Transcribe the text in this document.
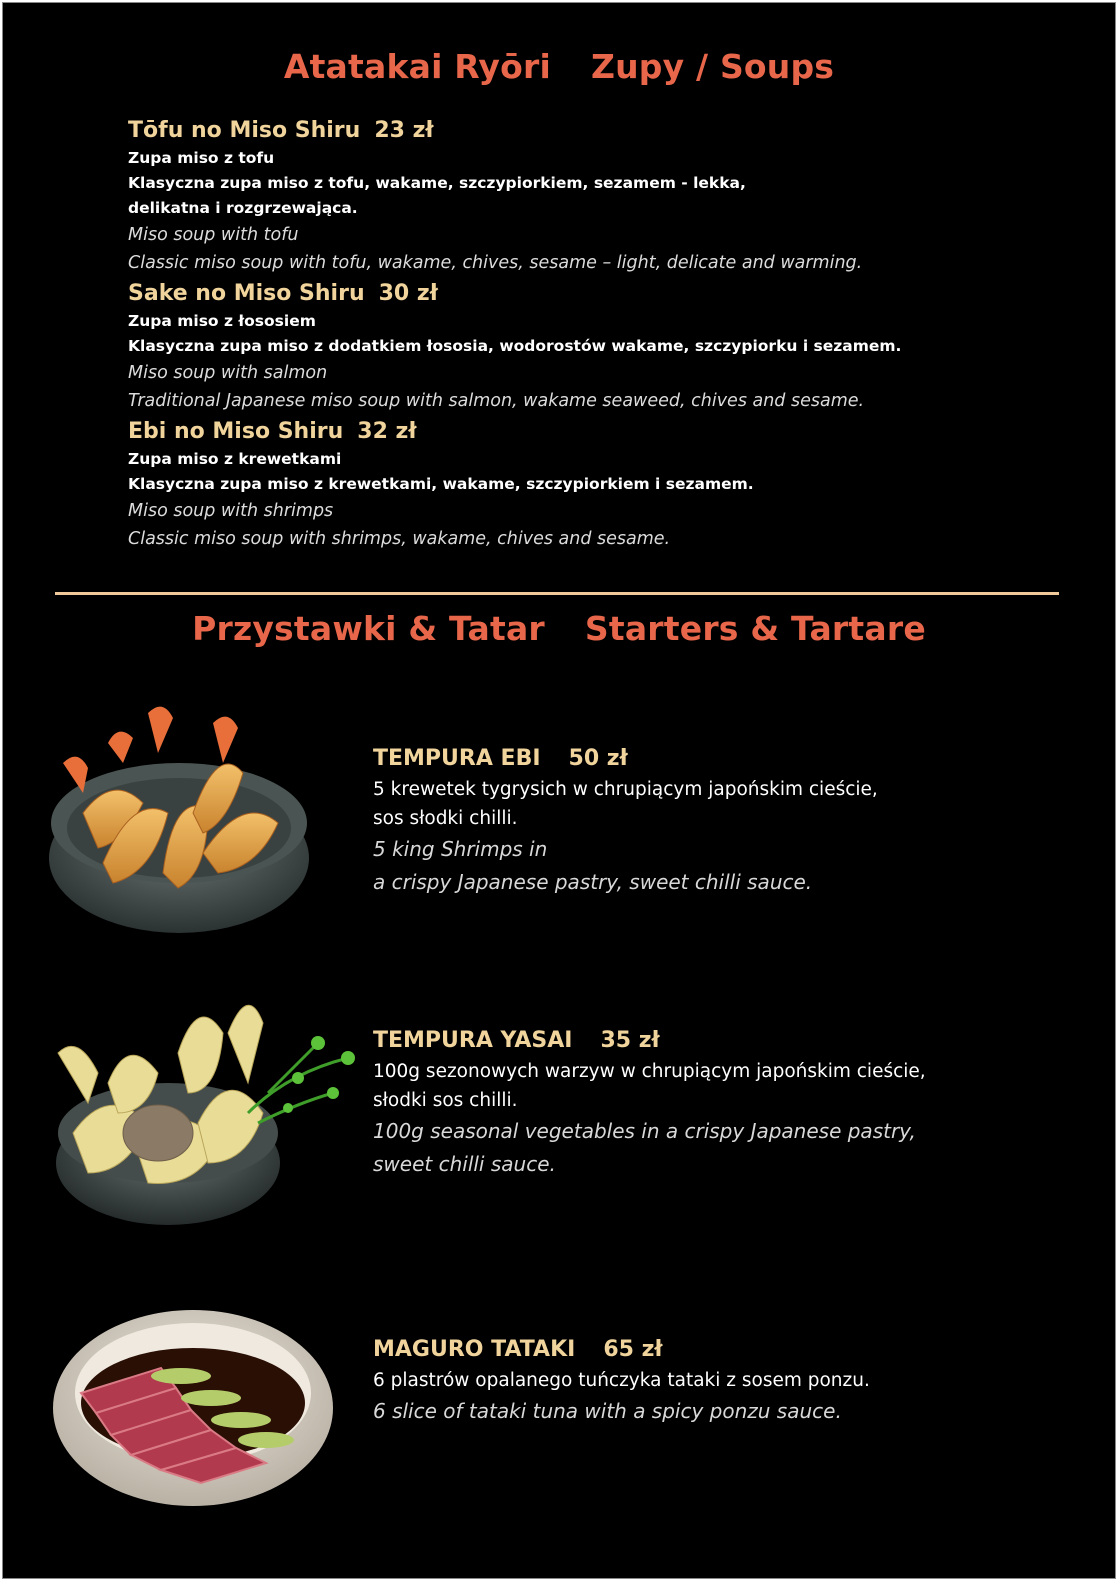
Atatakai Ryōri Zupy / Soups
Tōfu no Miso Shiru 23 zł
Zupa miso z tofu
Klasyczna zupa miso z tofu, wakame, szczypiorkiem, sezamem - lekka, delikatna i rozgrzewająca.
Miso soup with tofu
Classic miso soup with tofu, wakame, chives, sesame – light, delicate and warming.
Sake no Miso Shiru 30 zł
Zupa miso z łososiem
Klasyczna zupa miso z dodatkiem łososia, wodorostów wakame, szczypiorku i sezamem.
Miso soup with salmon
Traditional Japanese miso soup with salmon, wakame seaweed, chives and sesame.
Ebi no Miso Shiru 32 zł
Zupa miso z krewetkami
Klasyczna zupa miso z krewetkami, wakame, szczypiorkiem i sezamem.
Miso soup with shrimps
Classic miso soup with shrimps, wakame, chives and sesame.
Przystawki & Tatar Starters & Tartare
TEMPURA EBI 50 zł
5 krewetek tygrysich w chrupiącym japońskim cieście,
sos słodki chilli.
5 king Shrimps in
a crispy Japanese pastry, sweet chilli sauce.
TEMPURA YASAI 35 zł
100g sezonowych warzyw w chrupiącym japońskim cieście,
słodki sos chilli.
100g seasonal vegetables in a crispy Japanese pastry,
sweet chilli sauce.
MAGURO TATAKI 65 zł
6 plastrów opalanego tuńczyka tataki z sosem ponzu.
6 slice of tataki tuna with a spicy ponzu sauce.
